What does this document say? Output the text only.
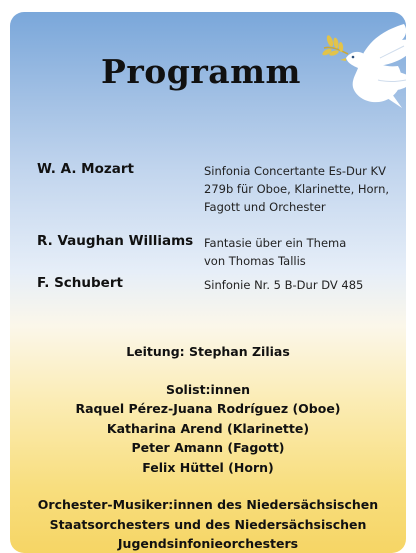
Programm
W. A. Mozart	Sinfonia Concertante Es-Dur KV
279b für Oboe, Klarinette, Horn,
Fagott und Orchester
R. Vaughan Williams Fantasie über ein Thema
von Thomas Tallis
F. Schubert	Sinfonie Nr. 5 B-Dur DV 485
Leitung: Stephan Zilias
Solist:innen
Raquel Pérez-Juana Rodríguez (Oboe)
Katharina Arend (Klarinette)
Peter Amann (Fagott)
Felix Hüttel (Horn)
Orchester-Musiker:innen des Niedersächsischen
Staatsorchesters und des Niedersächsischen
Jugendsinfonieorchesters
